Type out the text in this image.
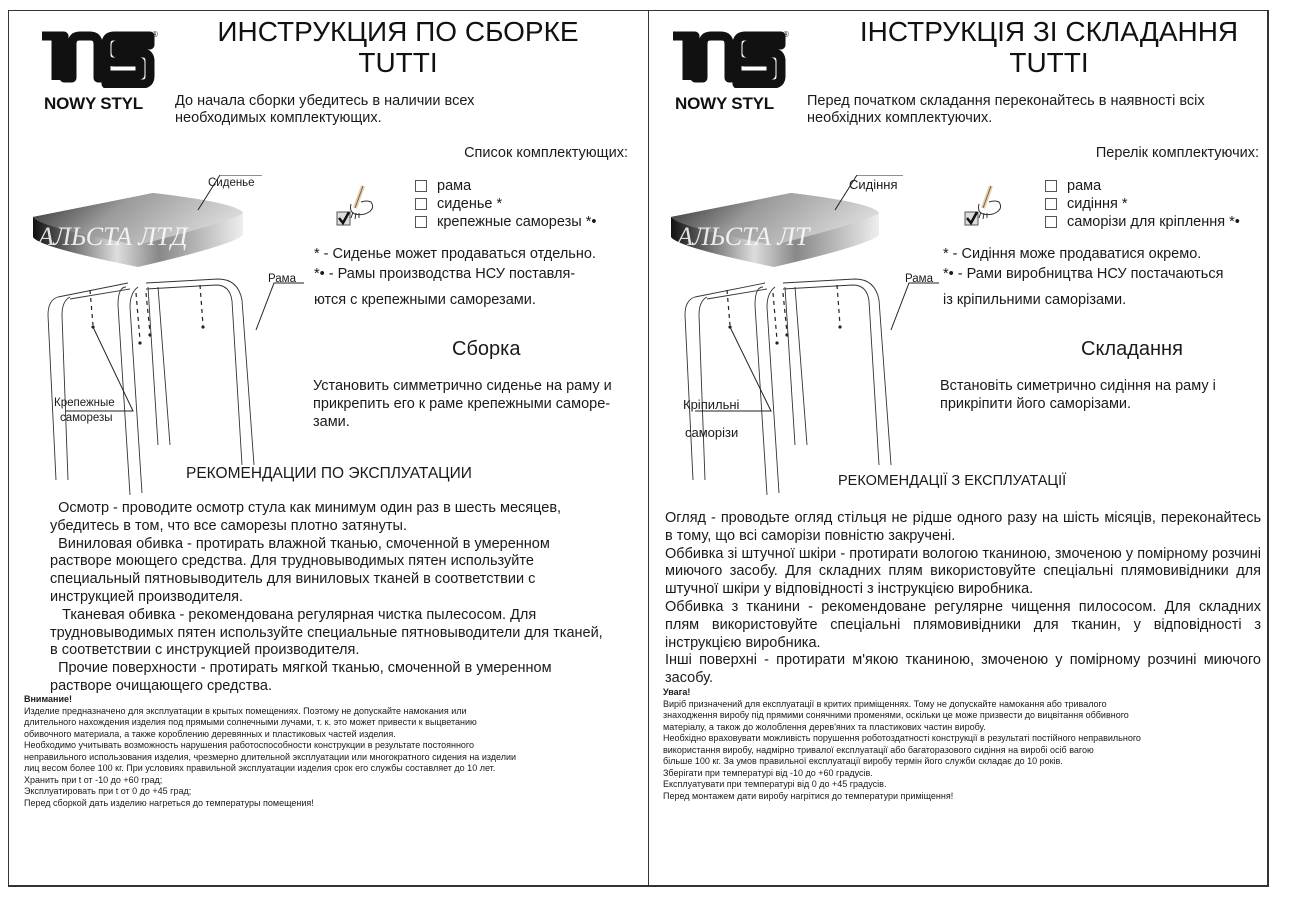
®
NOWY STYL
ИНСТРУКЦИЯ ПО СБОРКЕ
TUTTI
До начала сборки убедитесь в наличии всех
необходимых комплектующих.
Список комплектующих:
рама
сиденье *
крепежные саморезы *•

* - Сиденье может продаваться отдельно.

*• - Рамы производства НСУ поставля-

ются с крепежными саморезами.

АЛЬСТА ЛТД
Сиденье
Рама
Крепежные
саморезы
Сборка
Установить симметрично сиденье на раму и
прикрепить его к раме крепежными саморе-
зами.
РЕКОМЕНДАЦИИ ПО ЭКСПЛУАТАЦИИ

Осмотр - проводите осмотр стула как минимум один раз в шесть месяцев, убедитесь в том, что все саморезы плотно затянуты.

Виниловая обивка - протирать влажной тканью, смоченной в умеренном растворе моющего средства. Для трудновыводимых пятен используйте специальный пятновыводитель для виниловых тканей в соответствии с инструкцией производителя.

Тканевая обивка - рекомендована регулярная чистка пылесосом. Для трудновыводимых пятен используйте специальные пятновыводители для тканей, в соответствии с инструкцией производителя.

Прочие поверхности - протирать мягкой тканью, смоченной в умеренном растворе очищающего средства.

Внимание!

Изделие предназначено для эксплуатации в крытых помещениях. Поэтому не допускайте намокания или

длительного нахождения изделия под прямыми солнечными лучами, т. к. это может привести к выцветанию

обивочного материала, а также короблению деревянных и пластиковых частей изделия.

Необходимо учитывать возможность нарушения работоспособности конструкции в результате постоянного

неправильного использования изделия, чрезмерно длительной эксплуатации или многократного сидения на изделии

лиц весом более 100 кг. При условиях правильной эксплуатации изделия срок его службы составляет до 10 лет.

Хранить при t от -10 до +60 град;

Эксплуатировать при t от 0 до +45 град;

Перед сборкой дать изделию нагреться до температуры помещения!

®
NOWY STYL
ІНСТРУКЦІЯ ЗІ СКЛАДАННЯ
TUTTI
Перед початком складання переконайтесь в наявності всіх
необхідних комплектуючих.
Перелік комплектуючих:
рама
сидіння *
саморізи для кріплення *•

* - Сидіння може продаватися окремо.

*• - Рами виробництва НСУ постачаються

із кріпильними саморізами.

АЛЬСТА ЛТ
Сидіння
Рама
Кріпильні
саморізи
Складання
Встановіть симетрично сидіння на раму і
прикріпити його саморізами.
РЕКОМЕНДАЦІЇ З ЕКСПЛУАТАЦІЇ

Огляд - проводьте огляд стільця не рідше одного разу на шість місяців, переконайтесь в тому, що всі саморізи повністю закручені.

Оббивка зі штучної шкіри - протирати вологою тканиною, змоченою у помірному розчині миючого засобу. Для складних плям використовуйте спеціальні плямовивідники для штучної шкіри у відповідності з інструкцією виробника.

Оббивка з тканини - рекомендоване регулярне чищення пилососом. Для складних плям використовуйте спеціальні плямовивідники для тканин, у відповідності з інструкцією виробника.

Інші поверхні - протирати м'якою тканиною, змоченою у помірному розчині миючого засобу.

Увага!

Виріб призначений для експлуатації в критих приміщеннях. Тому не допускайте намокання або тривалого

знаходження виробу під прямими сонячними променями, оскільки це може призвести до вицвітання оббивного

матеріалу, а також до жолоблення дерев'яних та пластикових частин виробу.

Необхідно враховувати можливість порушення роботоздатності конструкції в результаті постійного неправильного

використання виробу, надмірно тривалої експлуатації або багаторазового сидіння на виробі осіб вагою

більше 100 кг. За умов правильної експлуатації виробу термін його служби складає до 10 років.

Зберігати при температурі від -10 до +60 градусів.

Експлуатувати при температурі від 0 до +45 градусів.

Перед монтажем дати виробу нагрітися до температури приміщення!
